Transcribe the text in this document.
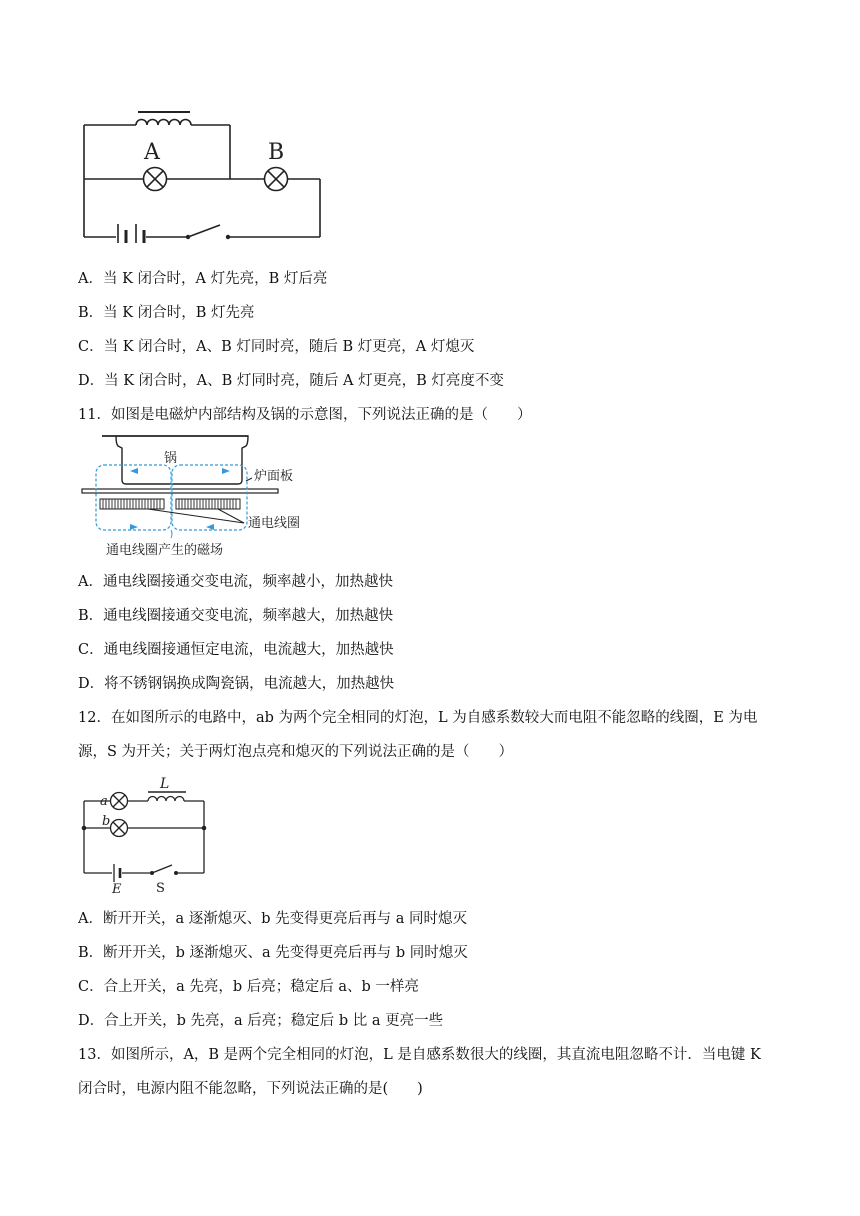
A	B
A．当 K 闭合时，A 灯先亮，B 灯后亮
B．当 K 闭合时，B 灯先亮
C．当 K 闭合时，A、B 灯同时亮，随后 B 灯更亮，A 灯熄灭
D．当 K 闭合时，A、B 灯同时亮，随后 A 灯更亮，B 灯亮度不变
11．如图是电磁炉内部结构及锅的示意图，下列说法正确的是（　　）
锅
炉面板
通电线圈
通电线圈产生的磁场
A．通电线圈接通交变电流，频率越小，加热越快
B．通电线圈接通交变电流，频率越大，加热越快
C．通电线圈接通恒定电流，电流越大，加热越快
D．将不锈钢锅换成陶瓷锅，电流越大，加热越快
12．在如图所示的电路中，ab 为两个完全相同的灯泡，L 为自感系数较大而电阻不能忽略的线圈，E 为电
源，S 为开关；关于两灯泡点亮和熄灭的下列说法正确的是（　　）
a
b
L
E	S
A．断开开关，a 逐渐熄灭、b 先变得更亮后再与 a 同时熄灭
B．断开开关，b 逐渐熄灭、a 先变得更亮后再与 b 同时熄灭
C．合上开关，a 先亮，b 后亮；稳定后 a、b 一样亮
D．合上开关，b 先亮，a 后亮；稳定后 b 比 a 更亮一些
13．如图所示，A，B 是两个完全相同的灯泡，L 是自感系数很大的线圈，其直流电阻忽略不计．当电键 K
闭合时，电源内阻不能忽略，下列说法正确的是(　　)
